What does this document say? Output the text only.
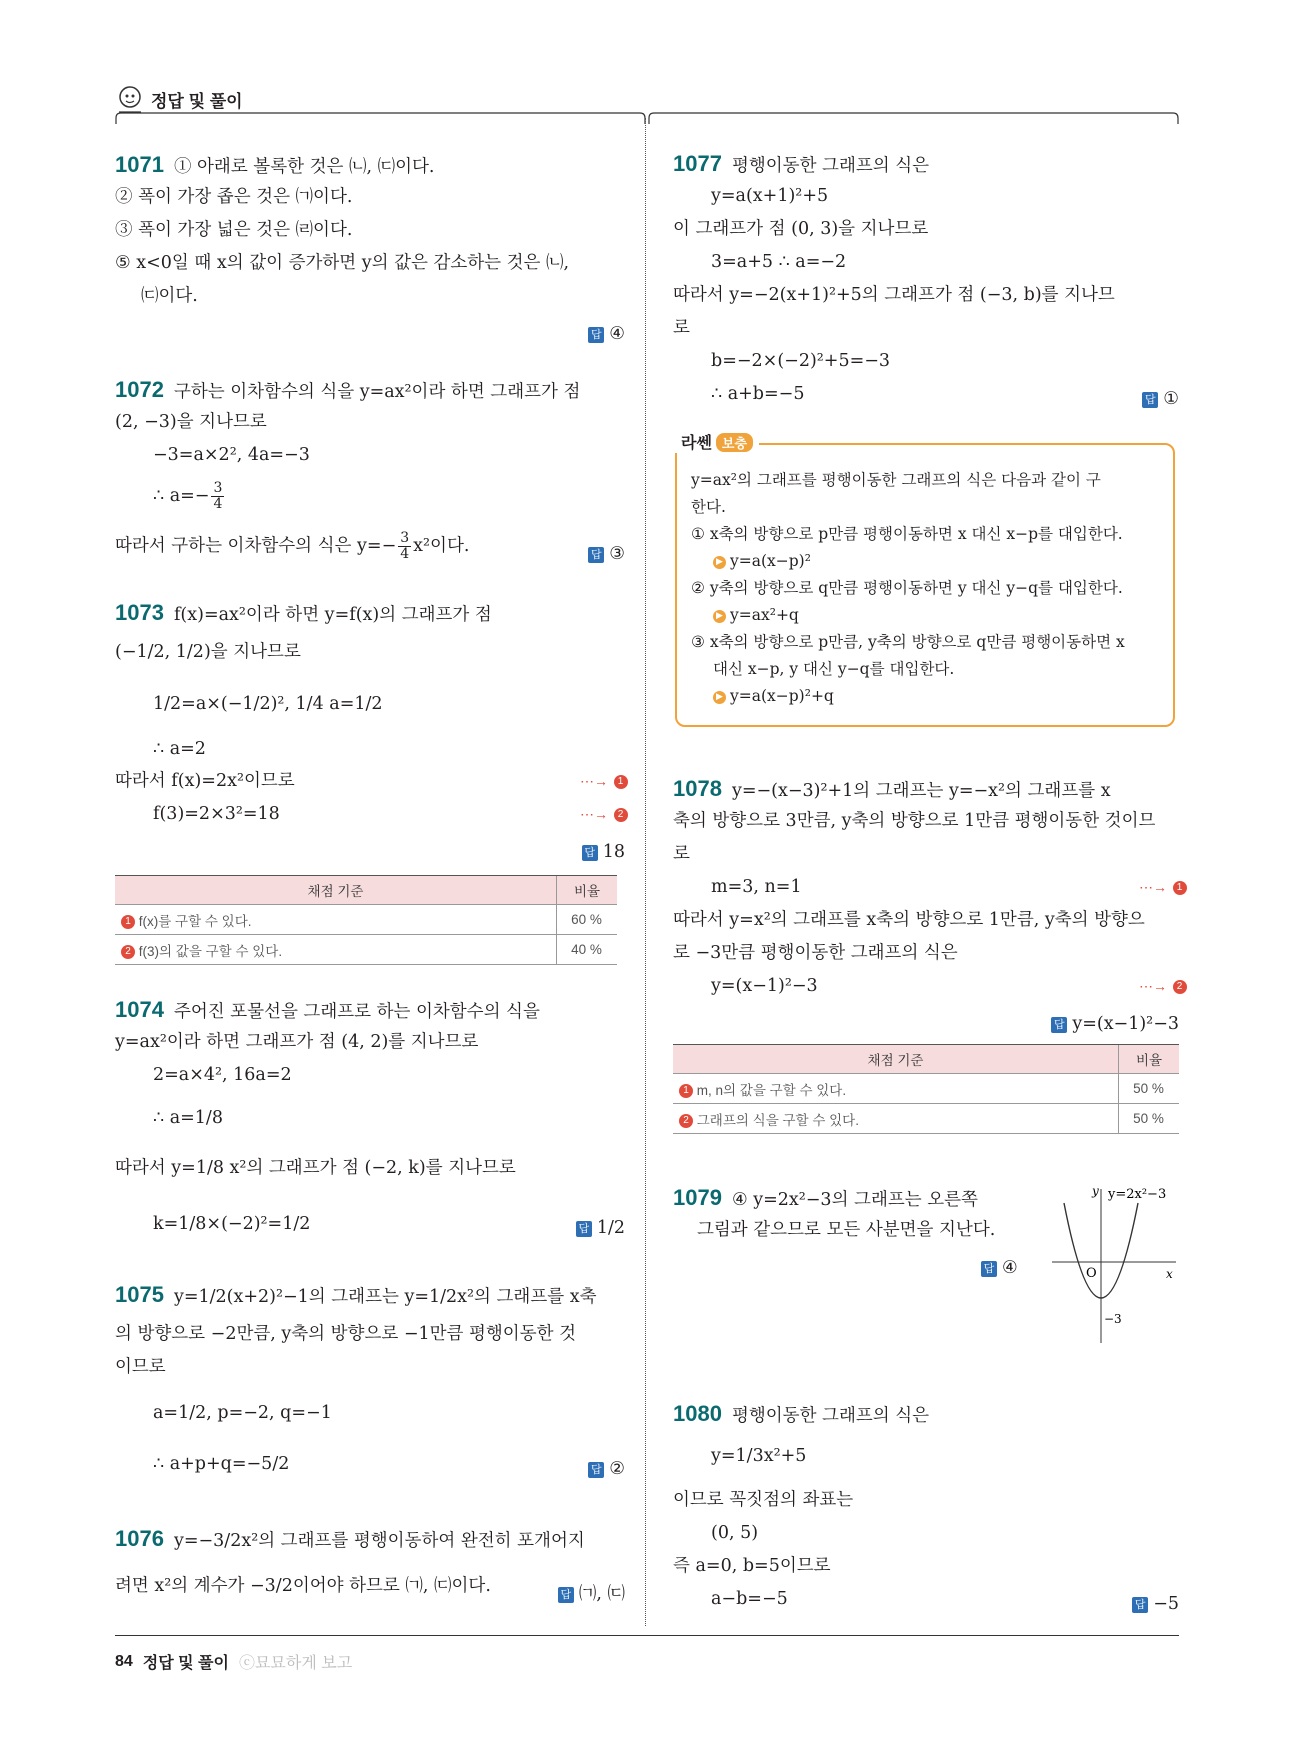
정답 및 풀이
1071 ① 아래로 볼록한 것은 ㈁, ㈂이다.
② 폭이 가장 좁은 것은 ㈀이다.
③ 폭이 가장 넓은 것은 ㈃이다.
⑤ x<0일 때 x의 값이 증가하면 y의 값은 감소하는 것은 ㈁,
㈂이다.
답 ④
1072 구하는 이차함수의 식을 y=ax²이라 하면 그래프가 점
(2, −3)을 지나므로
−3=a×2², 4a=−3
∴ $a=- \frac{3}{4}$
따라서 구하는 이차함수의 식은 $y=- \frac{3}{4} x^2$이다.	답 ③
1073 f(x)=ax²이라 하면 y=f(x)의 그래프가 점
(−1/2, 1/2)을 지나므로
1/2=a×(−1/2)², 1/4 a=1/2
∴ a=2
따라서 f(x)=2x²이므로	⋯→ 1
f(3)=2×3²=18	⋯→ 2
답 18
채점 기준	비율
1 f(x)를 구할 수 있다.	60 %
2 f(3)의 값을 구할 수 있다.	40 %
1074 주어진 포물선을 그래프로 하는 이차함수의 식을
y=ax²이라 하면 그래프가 점 (4, 2)를 지나므로
2=a×4², 16a=2
∴ a=1/8
따라서 y=1/8 x²의 그래프가 점 (−2, k)를 지나므로
k=1/8×(−2)²=1/2	답 1/2
1075 y=1/2(x+2)²−1의 그래프는 y=1/2x²의 그래프를 x축
의 방향으로 −2만큼, y축의 방향으로 −1만큼 평행이동한 것
이므로
a=1/2, p=−2, q=−1
∴ a+p+q=−5/2	답 ②
1076 y=−3/2x²의 그래프를 평행이동하여 완전히 포개어지
려면 x²의 계수가 −3/2이어야 하므로 ㈀, ㈂이다.	답 ㈀, ㈂
1077 평행이동한 그래프의 식은
y=a(x+1)²+5
이 그래프가 점 (0, 3)을 지나므로
3=a+5 ∴ a=−2
따라서 y=−2(x+1)²+5의 그래프가 점 (−3, b)를 지나므
로
b=−2×(−2)²+5=−3
∴ a+b=−5	답 ①
y=ax²의 그래프를 평행이동한 그래프의 식은 다음과 같이 구
한다.
① x축의 방향으로 p만큼 평행이동하면 x 대신 x−p를 대입한다.
▶ y=a(x−p)²
② y축의 방향으로 q만큼 평행이동하면 y 대신 y−q를 대입한다.
▶ y=ax²+q
③ x축의 방향으로 p만큼, y축의 방향으로 q만큼 평행이동하면 x
대신 x−p, y 대신 y−q를 대입한다.
▶ y=a(x−p)²+q
라쎈 보충
1078 y=−(x−3)²+1의 그래프는 y=−x²의 그래프를 x
축의 방향으로 3만큼, y축의 방향으로 1만큼 평행이동한 것이므
로
m=3, n=1	⋯→ 1
따라서 y=x²의 그래프를 x축의 방향으로 1만큼, y축의 방향으
로 −3만큼 평행이동한 그래프의 식은
y=(x−1)²−3	⋯→ 2
답 y=(x−1)²−3
채점 기준	비율
1 m, n의 값을 구할 수 있다.	50 %
2 그래프의 식을 구할 수 있다.	50 %
1079 ④ y=2x²−3의 그래프는 오른쪽
그림과 같으므로 모든 사분면을 지난다.
답 ④
1080 평행이동한 그래프의 식은
y=1/3x²+5
이므로 꼭짓점의 좌표는
(0, 5)
즉 a=0, b=5이므로
a−b=−5	답 −5
y y=2x²−3
x
O
−3
84 정답 및 풀이 ⓒ묘묘하게 보고
